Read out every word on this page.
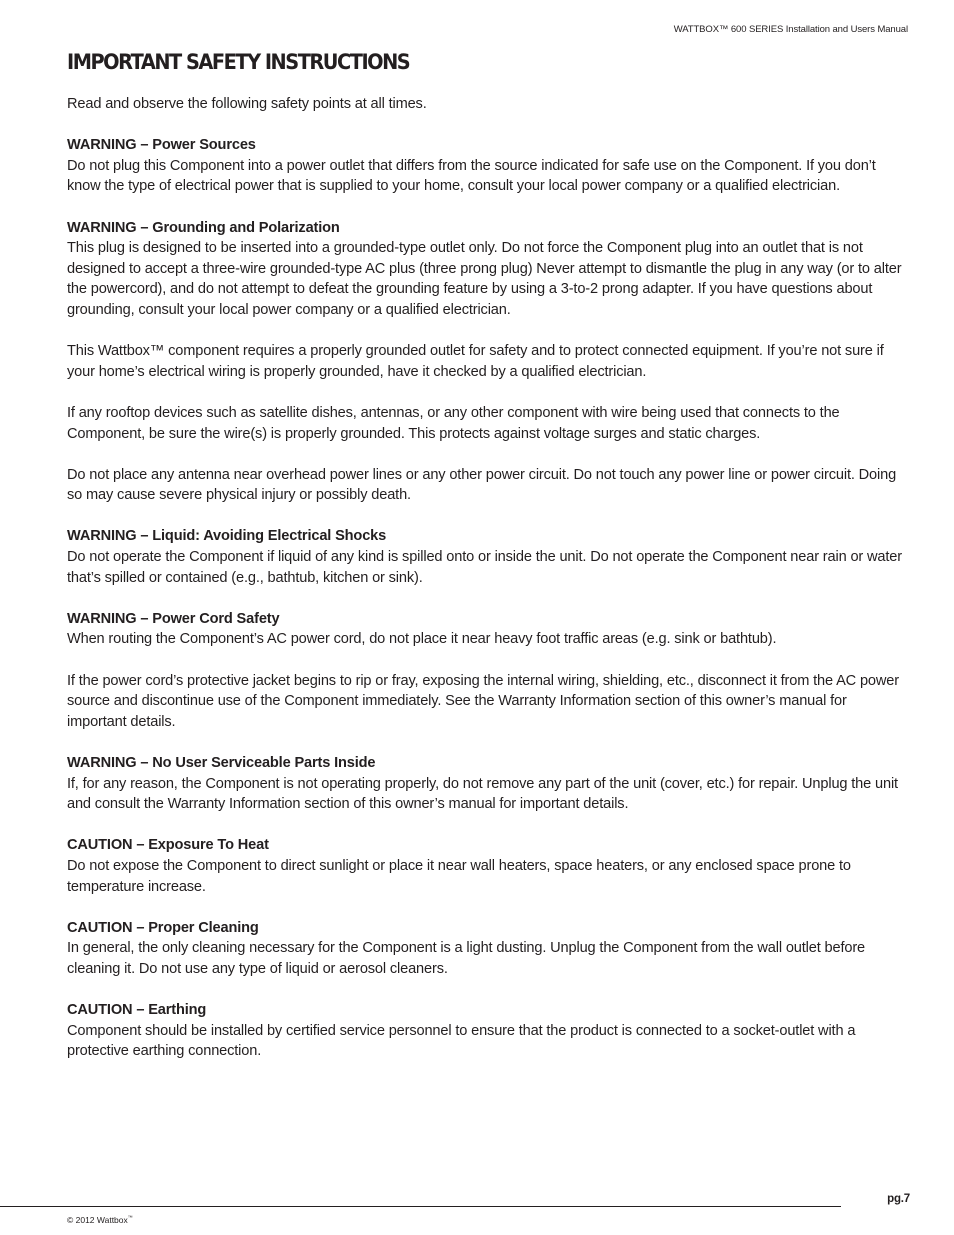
WATTBOX™ 600 SERIES Installation and Users Manual
IMPORTANT SAFETY INSTRUCTIONS

Read and observe the following safety points at all times.

WARNING – Power Sources

Do not plug this Component into a power outlet that differs from the source indicated for safe use on the Component. If you don’t know the type of electrical power that is supplied to your home, consult your local power company or a qualified electrician.

WARNING – Grounding and Polarization

This plug is designed to be inserted into a grounded-type outlet only. Do not force the Component plug into an outlet that is not designed to accept a three-wire grounded-type AC plus (three prong plug) Never attempt to dismantle the plug in any way (or to alter the powercord), and do not attempt to defeat the grounding feature by using a 3-to-2 prong adapter. If you have questions about grounding, consult your local power company or a qualified electrician.

This Wattbox™ component requires a properly grounded outlet for safety and to protect connected equipment. If you’re not sure if your home’s electrical wiring is properly grounded, have it checked by a qualified electrician.

If any rooftop devices such as satellite dishes, antennas, or any other component with wire being used that connects to the Component, be sure the wire(s) is properly grounded. This protects against voltage surges and static charges.

Do not place any antenna near overhead power lines or any other power circuit. Do not touch any power line or power circuit. Doing so may cause severe physical injury or possibly death.

WARNING – Liquid: Avoiding Electrical Shocks

Do not operate the Component if liquid of any kind is spilled onto or inside the unit. Do not operate the Component near rain or water that’s spilled or contained (e.g., bathtub, kitchen or sink).

WARNING – Power Cord Safety

When routing the Component’s AC power cord, do not place it near heavy foot traffic areas (e.g. sink or bathtub).

If the power cord’s protective jacket begins to rip or fray, exposing the internal wiring, shielding, etc., disconnect it from the AC power source and discontinue use of the Component immediately. See the Warranty Information section of this owner’s manual for important details.

WARNING – No User Serviceable Parts Inside

If, for any reason, the Component is not operating properly, do not remove any part of the unit (cover, etc.) for repair. Unplug the unit and consult the Warranty Information section of this owner’s manual for important details.

CAUTION – Exposure To Heat

Do not expose the Component to direct sunlight or place it near wall heaters, space heaters, or any enclosed space prone to temperature increase.

CAUTION – Proper Cleaning

In general, the only cleaning necessary for the Component is a light dusting. Unplug the Component from the wall outlet before cleaning it. Do not use any type of liquid or aerosol cleaners.

CAUTION – Earthing

Component should be installed by certified service personnel to ensure that the product is connected to a socket-outlet with a protective earthing connection.

pg.7
© 2012 Wattbox™
